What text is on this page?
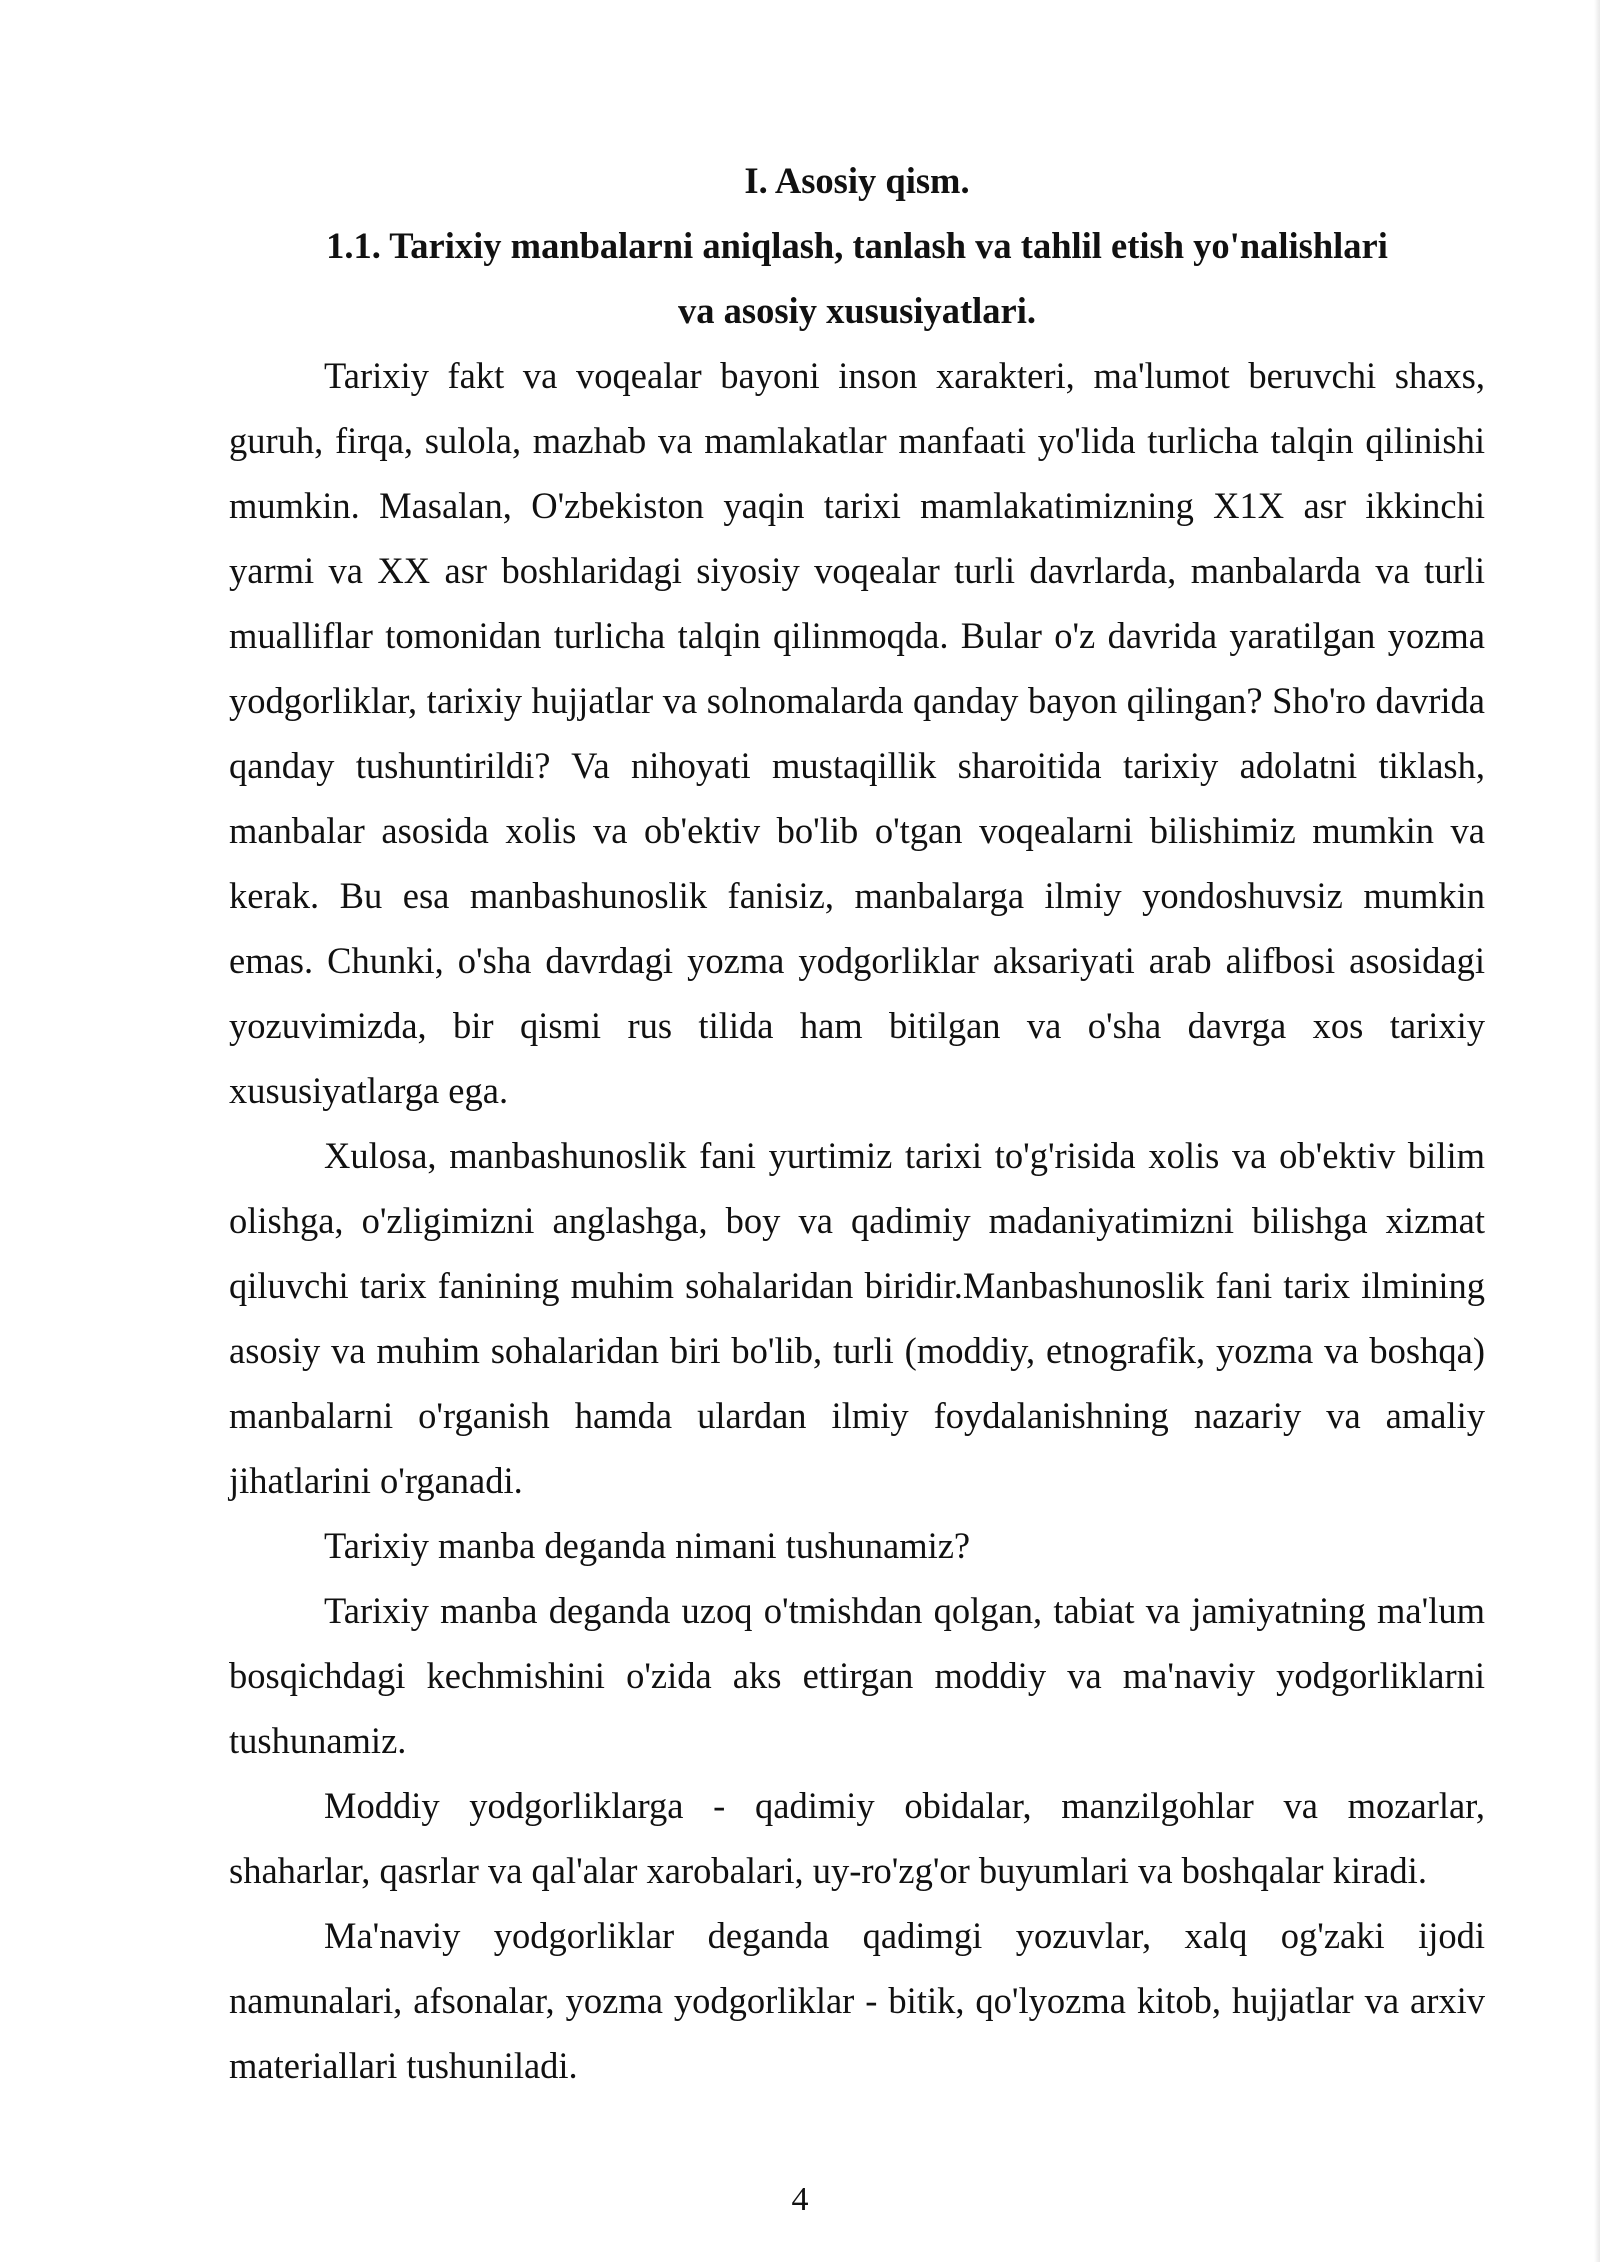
I. Asosiy qism.

1.1. Tarixiy manbalarni aniqlash, tanlash va tahlil etish yo'nalishlari

va asosiy xususiyatlari.

Tarixiy fakt va voqealar bayoni inson xarakteri, ma'lumot beruvchi shaxs, guruh, firqa, sulola, mazhab va mamlakatlar manfaati yo'lida turlicha talqin qilinishi mumkin. Masalan, O'zbekiston yaqin tarixi mamlakatimizning X1X asr ikkinchi yarmi va XX asr boshlaridagi siyosiy voqealar turli davrlarda, manbalarda va turli mualliflar tomonidan turlicha talqin qilinmoqda. Bular o'z davrida yaratilgan yozma yodgorliklar, tarixiy hujjatlar va solnomalarda qanday bayon qilingan? Sho'ro davrida qanday tushuntirildi? Va nihoyati mustaqillik sharoitida tarixiy adolatni tiklash, manbalar asosida xolis va ob'ektiv bo'lib o'tgan voqealarni bilishimiz mumkin va kerak. Bu esa manbashunoslik fanisiz, manbalarga ilmiy yondoshuvsiz mumkin emas. Chunki, o'sha davrdagi yozma yodgorliklar aksariyati arab alifbosi asosidagi yozuvimizda, bir qismi rus tilida ham bitilgan va o'sha davrga xos tarixiy xususiyatlarga ega.

Xulosa, manbashunoslik fani yurtimiz tarixi to'g'risida xolis va ob'ektiv bilim olishga, o'zligimizni anglashga, boy va qadimiy madaniyatimizni bilishga xizmat qiluvchi tarix fanining muhim sohalaridan biridir.Manbashunoslik fani tarix ilmining asosiy va muhim sohalaridan biri bo'lib, turli (moddiy, etnografik, yozma va boshqa) manbalarni o'rganish hamda ulardan ilmiy foydalanishning nazariy va amaliy jihatlarini o'rganadi.

Tarixiy manba deganda nimani tushunamiz?

Tarixiy manba deganda uzoq o'tmishdan qolgan, tabiat va jamiyatning ma'lum bosqichdagi kechmishini o'zida aks ettirgan moddiy va ma'naviy yodgorliklarni tushunamiz.

Moddiy yodgorliklarga - qadimiy obidalar, manzilgohlar va mozarlar, shaharlar, qasrlar va qal'alar xarobalari, uy-ro'zg'or buyumlari va boshqalar kiradi.

Ma'naviy yodgorliklar deganda qadimgi yozuvlar, xalq og'zaki ijodi namunalari, afsonalar, yozma yodgorliklar - bitik, qo'lyozma kitob, hujjatlar va arxiv materiallari tushuniladi.

4
